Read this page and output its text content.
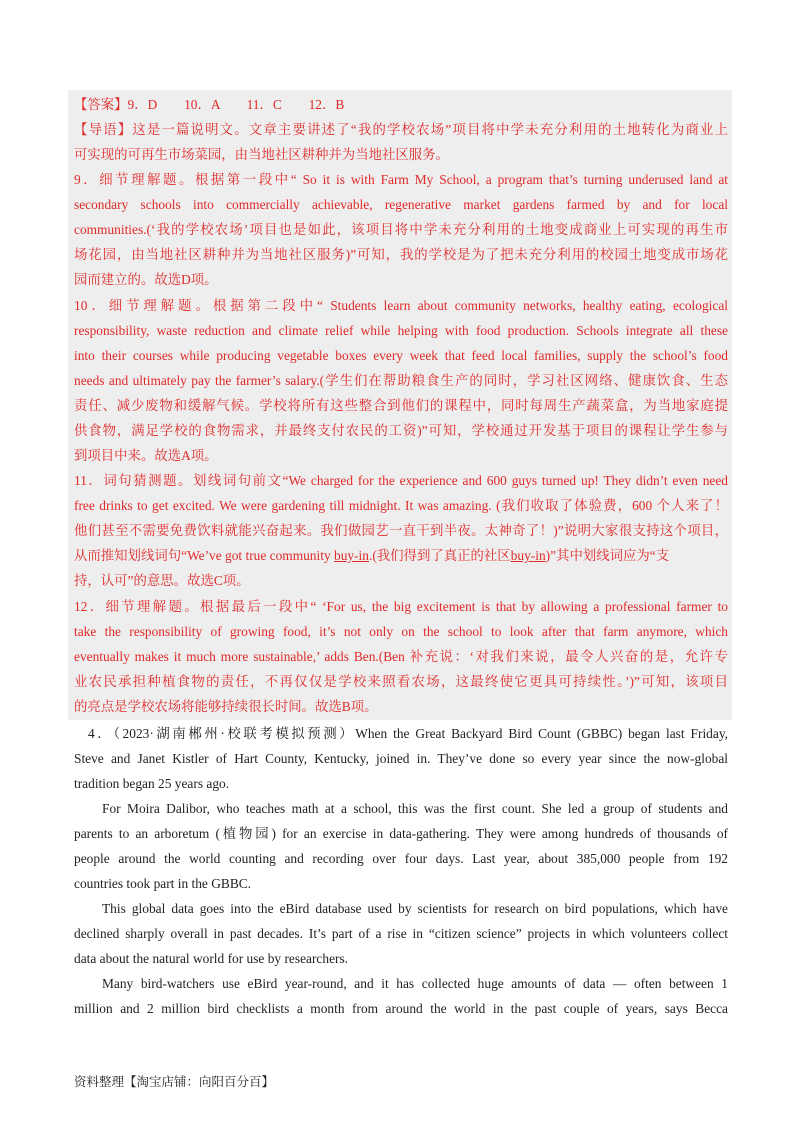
【答案】9．D　　10．A　　11．C　　12．B
【导语】这是一篇说明文。文章主要讲述了“我的学校农场”项目将中学未充分利用的土地转化为商业上
可实现的可再生市场菜园，由当地社区耕种并为当地社区服务。
9．细节理解题。根据第一段中“ So it is with Farm My School, a program that’s turning underused land at
secondary schools into commercially achievable, regenerative market gardens farmed by and for local
communities.(‘我的学校农场’项目也是如此，该项目将中学未充分利用的土地变成商业上可实现的再生市
场花园，由当地社区耕种并为当地社区服务)”可知，我的学校是为了把未充分利用的校园土地变成市场花
园而建立的。故选D项。
10．细节理解题。根据第二段中“ Students learn about community networks, healthy eating, ecological
responsibility, waste reduction and climate relief while helping with food production. Schools integrate all these
into their courses while producing vegetable boxes every week that feed local families, supply the school’s food
needs and ultimately pay the farmer’s salary.(学生们在帮助粮食生产的同时，学习社区网络、健康饮食、生态
责任、减少废物和缓解气候。学校将所有这些整合到他们的课程中，同时每周生产蔬菜盒，为当地家庭提
供食物，满足学校的食物需求，并最终支付农民的工资)”可知，学校通过开发基于项目的课程让学生参与
到项目中来。故选A项。
11．词句猜测题。划线词句前文“We charged for the experience and 600 guys turned up! They didn’t even need
free drinks to get excited. We were gardening till midnight. It was amazing. (我们收取了体验费，600 个人来了！
他们甚至不需要免费饮料就能兴奋起来。我们做园艺一直干到半夜。太神奇了！)”说明大家很支持这个项目，
从而推知划线词句“We’ve got true community buy-in.(我们得到了真正的社区buy-in)”其中划线词应为“支
持，认可”的意思。故选C项。
12．细节理解题。根据最后一段中“ ‘For us, the big excitement is that by allowing a professional farmer to
take the responsibility of growing food, it’s not only on the school to look after that farm anymore, which
eventually makes it much more sustainable,’ adds Ben.(Ben 补充说：‘对我们来说，最令人兴奋的是，允许专
业农民承担种植食物的责任，不再仅仅是学校来照看农场，这最终使它更具可持续性。’)”可知，该项目
的亮点是学校农场将能够持续很长时间。故选B项。
4．（2023·湖南郴州·校联考模拟预测）When the Great Backyard Bird Count (GBBC) began last Friday,
Steve and Janet Kistler of Hart County, Kentucky, joined in. They’ve done so every year since the now-global
tradition began 25 years ago.
For Moira Dalibor, who teaches math at a school, this was the first count. She led a group of students and
parents to an arboretum (植物园) for an exercise in data-gathering. They were among hundreds of thousands of
people around the world counting and recording over four days. Last year, about 385,000 people from 192
countries took part in the GBBC.
This global data goes into the eBird database used by scientists for research on bird populations, which have
declined sharply overall in past decades. It’s part of a rise in “citizen science” projects in which volunteers collect
data about the natural world for use by researchers.
Many bird-watchers use eBird year-round, and it has collected huge amounts of data — often between 1
million and 2 million bird checklists a month from around the world in the past couple of years, says Becca
资料整理【淘宝店铺：向阳百分百】
